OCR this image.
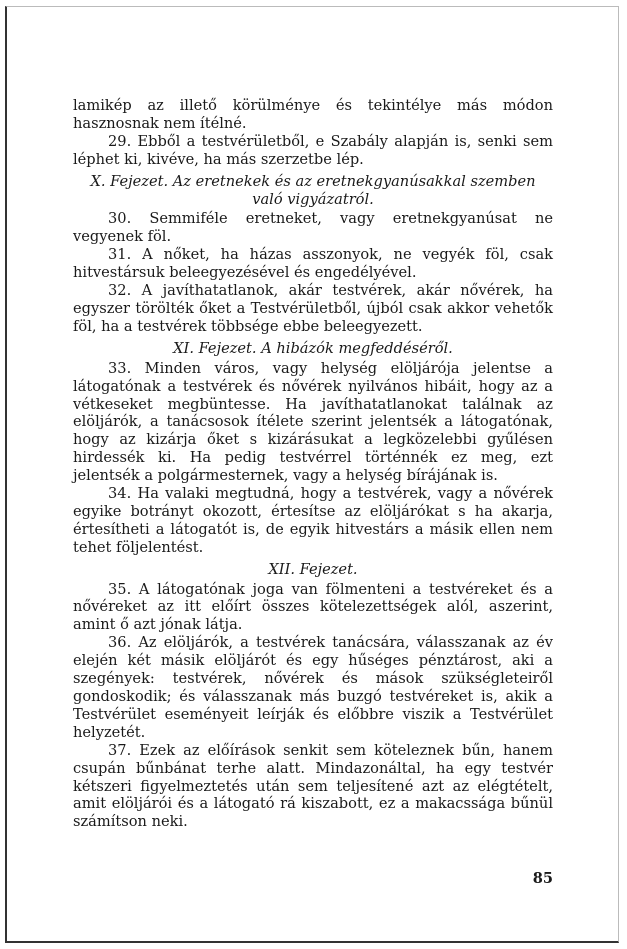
lamikép az illető körülménye és tekintélye más módon hasznosnak nem ítélné.

29. Ebből a testvérületből, e Szabály alapján is, senki sem léphet ki, kivéve, ha más szerzetbe lép.

X. Fejezet. Az eretnekek és az eretnekgyanúsakkal szemben való vigyázatról.

30. Semmiféle eretneket, vagy eretnekgyanúsat ne vegyenek föl.

31. A nőket, ha házas asszonyok, ne vegyék föl, csak hitvestársuk beleegyezésével és engedélyével.

32. A javíthatatlanok, akár testvérek, akár nővérek, ha egyszer törölték őket a Testvérületből, újból csak akkor vehetők föl, ha a testvérek többsége ebbe beleegyezett.

XI. Fejezet. A hibázók megfeddéséről.

33. Minden város, vagy helység elöljárója jelentse a látogatónak a testvérek és nővérek nyilvános hibáit, hogy az a vétkeseket megbüntesse. Ha javíthatatlanokat találnak az elöljárók, a tanácsosok ítélete szerint jelentsék a látogatónak, hogy az kizárja őket s kizárásukat a legközelebbi gyűlésen hirdessék ki. Ha pedig testvérrel történnék ez meg, ezt jelentsék a polgármesternek, vagy a helység bírájának is.

34. Ha valaki megtudná, hogy a testvérek, vagy a nővérek egyike botrányt okozott, értesítse az elöljárókat s ha akarja, értesítheti a látogatót is, de egyik hitvestárs a másik ellen nem tehet följelentést.

XII. Fejezet.

35. A látogatónak joga van fölmenteni a testvéreket és a nővéreket az itt előírt összes kötelezettségek alól, aszerint, amint ő azt jónak látja.

36. Az elöljárók, a testvérek tanácsára, válasszanak az év elején két másik elöljárót és egy hűséges pénztárost, aki a szegények: testvérek, nővérek és mások szükségleteiről gondoskodik; és válasszanak más buzgó testvéreket is, akik a Testvérület eseményeit leírják és előbbre viszik a Testvérület helyzetét.

37. Ezek az előírások senkit sem köteleznek bűn, hanem csupán bűnbánat terhe alatt. Mindazonáltal, ha egy testvér kétszeri figyelmeztetés után sem teljesítené azt az elégtételt, amit elöljárói és a látogató rá kiszabott, ez a makacssága bűnül számítson neki.

85
